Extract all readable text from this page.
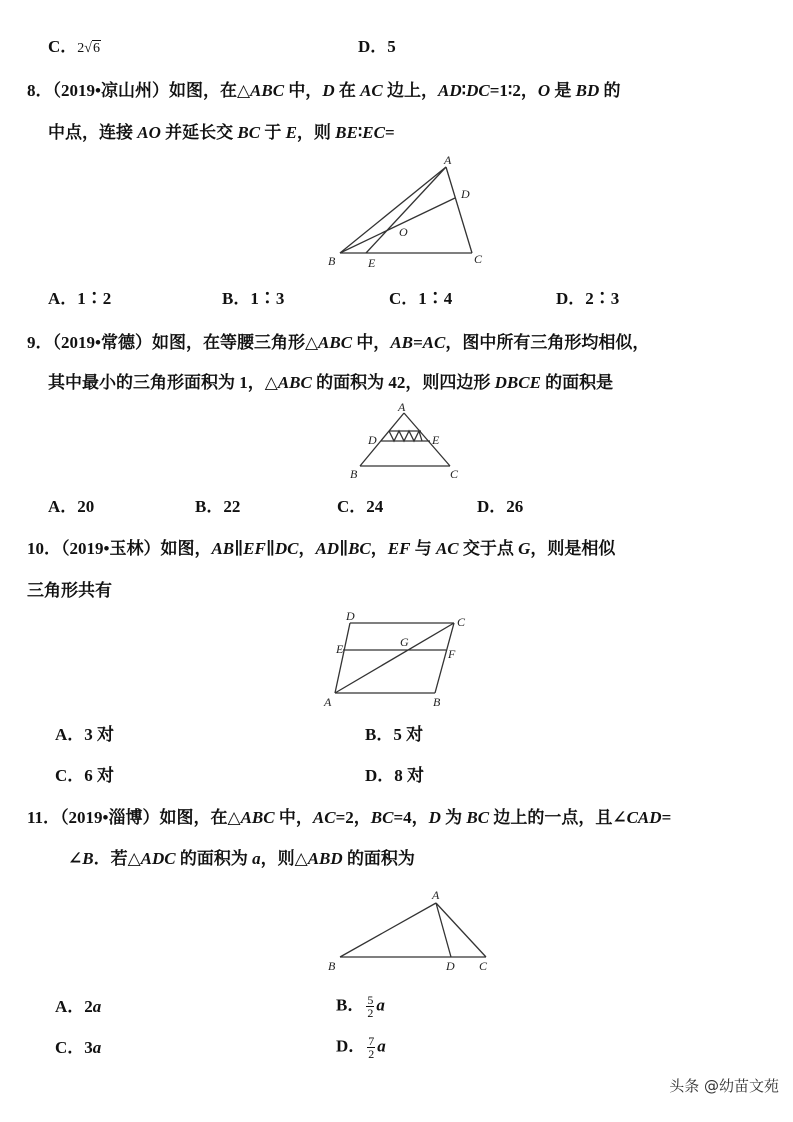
C．2√6	D．5
8．（2019•凉山州）如图，在△ABC 中，D 在 AC 边上，AD∶DC=1∶2，O 是 BD 的
中点，连接 AO 并延长交 BC 于 E，则 BE∶EC=
A
D
O
B	E	C
A．1∶2	B．1∶3	C．1∶4	D．2∶3
9．（2019•常德）如图，在等腰三角形△ABC 中，AB=AC，图中所有三角形均相似，
其中最小的三角形面积为 1，△ABC 的面积为 42，则四边形 DBCE 的面积是
A
D	E
B	C
A．20	B．22	C．24	D．26
10．（2019•玉林）如图，AB∥EF∥DC，AD∥BC，EF 与 AC 交于点 G，则是相似
三角形共有
D	C
E	G
F
A	B
A．3 对	B．5 对
C．6 对	D．8 对
11．（2019•淄博）如图，在△ABC 中，AC=2，BC=4，D 为 BC 边上的一点，且∠CAD=
∠B．若△ADC 的面积为 a，则△ABD 的面积为
A
B	D C
A．2a	B． $\frac{5}{2}$ a
C．3a	D． $\frac{7}{2}$ a
头条 @幼苗文苑
